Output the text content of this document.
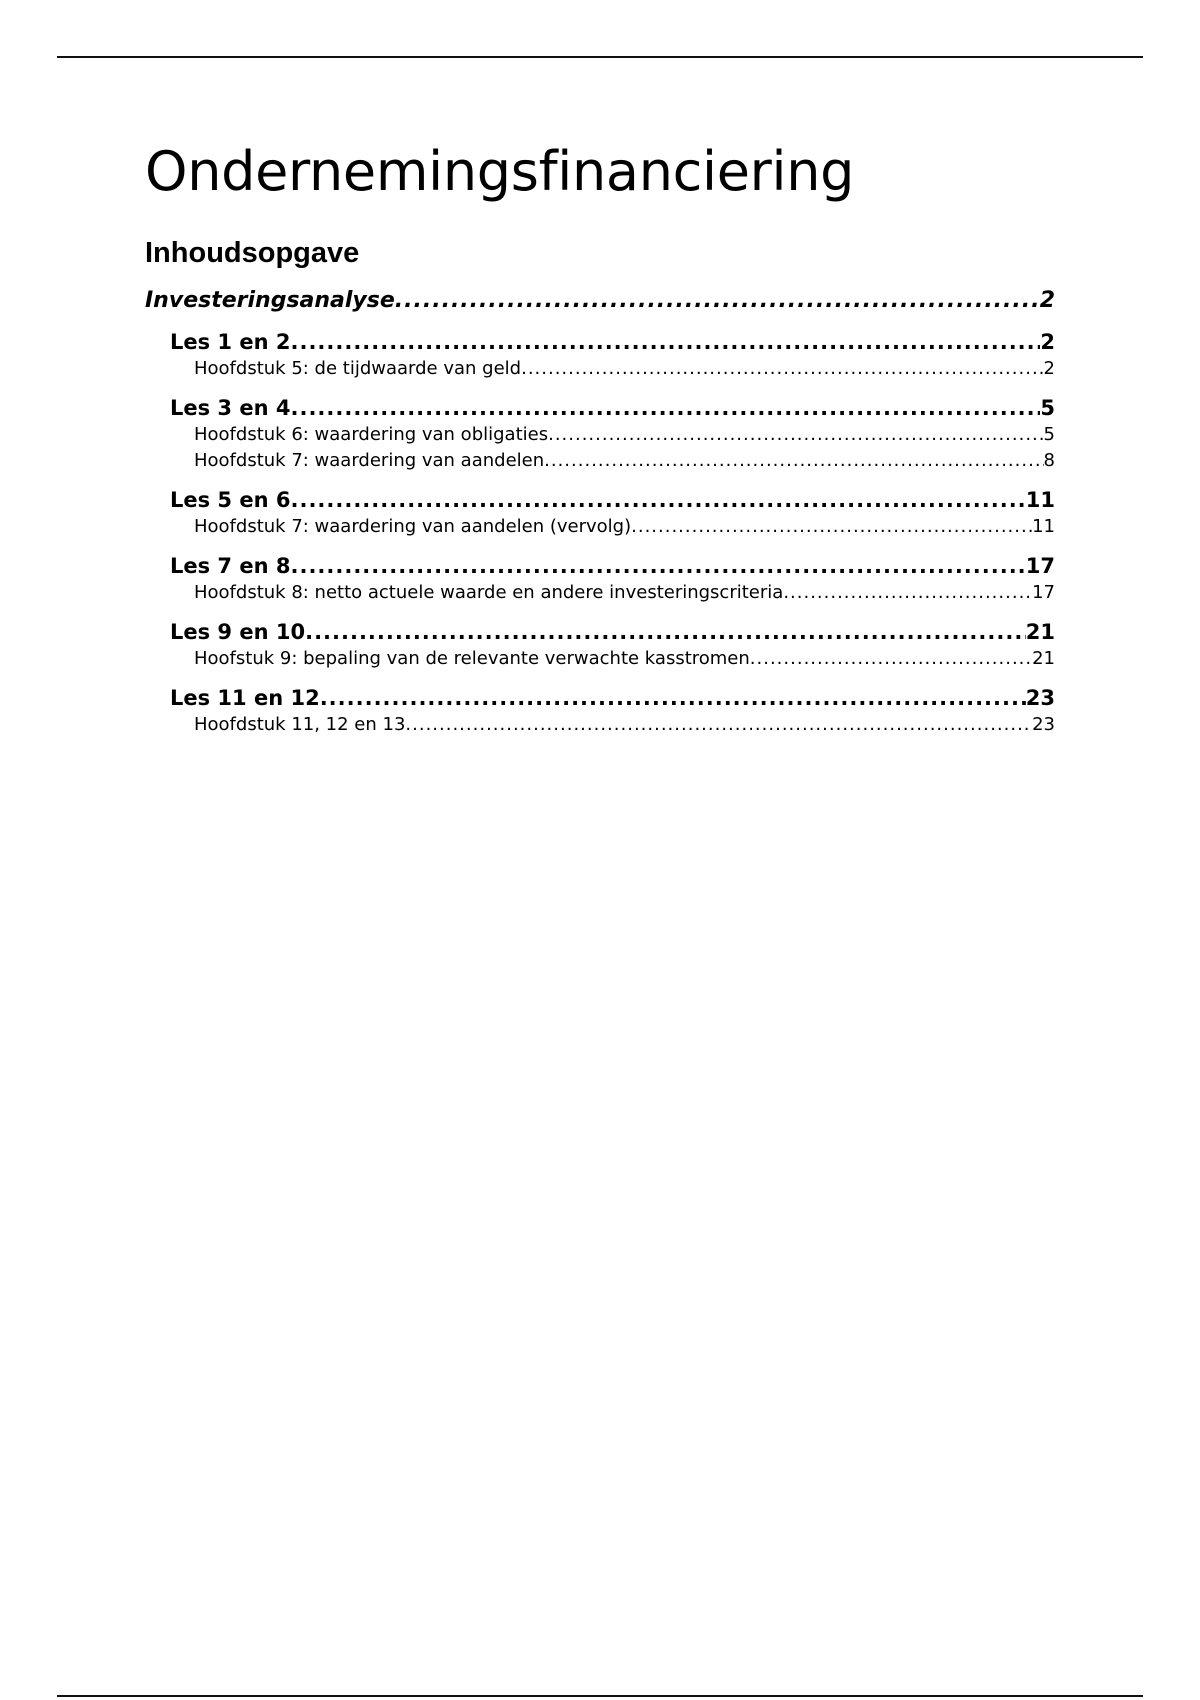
Ondernemingsfinanciering
Inhoudsopgave
Investeringsanalyse .....	2
Les 1 en 2 .....	2
Hoofdstuk 5: de tijdwaarde van geld .....	2
Les 3 en 4 .....	5
Hoofdstuk 6: waardering van obligaties .....	5
Hoofdstuk 7: waardering van aandelen .....	8
Les 5 en 6 .....	11
Hoofdstuk 7: waardering van aandelen (vervolg) .....	11
Les 7 en 8 .....	17
Hoofdstuk 8: netto actuele waarde en andere investeringscriteria .....	17
Les 9 en 10 .....	21
Hoofstuk 9: bepaling van de relevante verwachte kasstromen .....	21
Les 11 en 12 .....	23
Hoofdstuk 11, 12 en 13 .....	23
